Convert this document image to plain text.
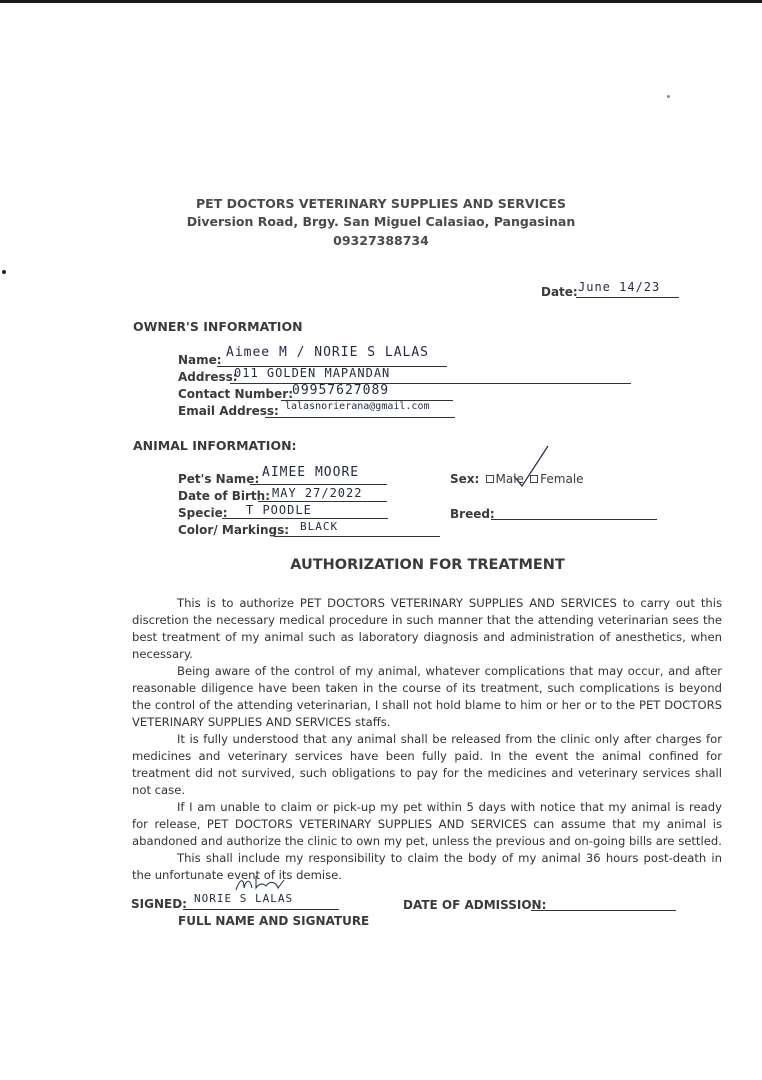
PET DOCTORS VETERINARY SUPPLIES AND SERVICES
Diversion Road, Brgy. San Miguel Calasiao, Pangasinan
09327388734
Date: June 14/23
OWNER'S INFORMATION
Name: Aimee M / NORIE S LALAS
Address:
011 GOLDEN MAPANDAN
Contact Number: 09957627089
Email Address: lalasnorierana@gmail.com
ANIMAL INFORMATION:
Pet's Name: AIMEE MOORE
Date of Birth: MAY 27/2022
Specie: T POODLE
Color/ Markings: BLACK
Sex: Male Female
Breed:
AUTHORIZATION FOR TREATMENT

This is to authorize PET DOCTORS VETERINARY SUPPLIES AND SERVICES to carry out this discretion the necessary medical procedure in such manner that the attending veterinarian sees the best treatment of my animal such as laboratory diagnosis and administration of anesthetics, when necessary.

Being aware of the control of my animal, whatever complications that may occur, and after reasonable diligence have been taken in the course of its treatment, such complications is beyond the control of the attending veterinarian, I shall not hold blame to him or her or to the PET DOCTORS VETERINARY SUPPLIES AND SERVICES staffs.

It is fully understood that any animal shall be released from the clinic only after charges for medicines and veterinary services have been fully paid. In the event the animal confined for treatment did not survived, such obligations to pay for the medicines and veterinary services shall not case.

If I am unable to claim or pick-up my pet within 5 days with notice that my animal is ready for release, PET DOCTORS VETERINARY SUPPLIES AND SERVICES can assume that my animal is abandoned and authorize the clinic to own my pet, unless the previous and on-going bills are settled.

This shall include my responsibility to claim the body of my animal 36 hours post-death in the unfortunate event of its demise.

SIGNED: NORIE S LALAS
FULL NAME AND SIGNATURE
DATE OF ADMISSION:
